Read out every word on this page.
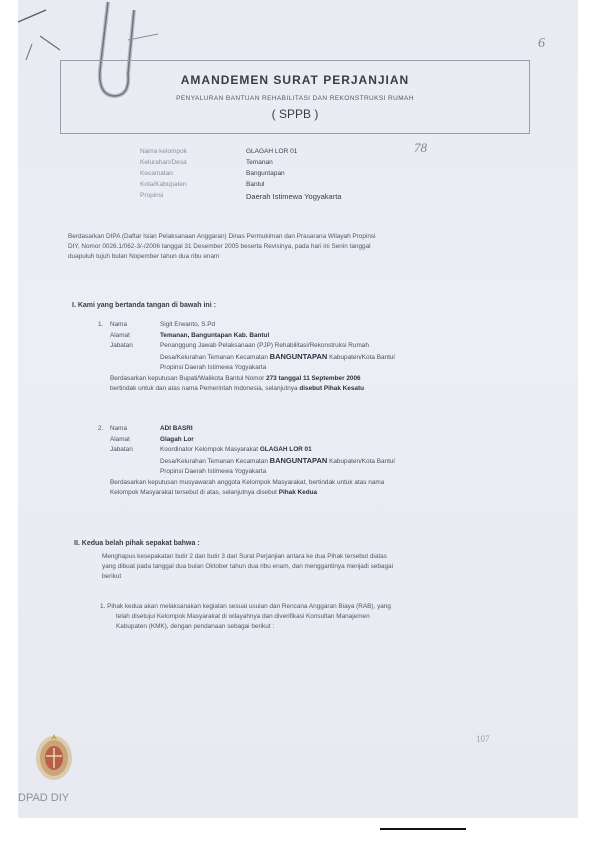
6
AMANDEMEN SURAT PERJANJIAN
PENYALURAN BANTUAN REHABILITASI DAN REKONSTRUKSI RUMAH
( SPPB )
Nama kelompok	GLAGAH LOR 01
Kelurahan/Desa	Temanan
Kecamatan	Banguntapan
Kota/Kabupaten	Bantul
Propinsi	Daerah Istimewa Yogyakarta
78
Berdasarkan DIPA (Daftar Isian Pelaksanaan Anggaran) Dinas Permukiman dan Prasarana Wilayah Propinsi
DIY, Nomor 0026.1/062-3/-/2006 tanggal 31 Desember 2005 beserta Revisinya, pada hari ini Senin tanggal
duapuluh tujuh bulan Nopember tahun dua ribu enam
I. Kami yang bertanda tangan di bawah ini :
1.	Nama	Sigit Erwanto, S.Pd
Alamat	Temanan, Banguntapan Kab. Bantul
Jabatan	Penanggung Jawab Pelaksanaan (PJP) Rehabilitasi/Rekonstruksi Rumah
Desa/Kelurahan Temanan Kecamatan BANGUNTAPAN Kabupaten/Kota Bantul
Propinsi Daerah Istimewa Yogyakarta
Berdasarkan keputusan Bupati/Walikota Bantul Nomor 273 tanggal 11 September 2006
bertindak untuk dan atas nama Pemerintah Indonesia, selanjutnya disebut Pihak Kesatu
2.	Nama	ADI BASRI
Alamat	Glagah Lor
Jabatan	Koordinator Kelompok Masyarakat GLAGAH LOR 01
Desa/Kelurahan Temanan Kecamatan BANGUNTAPAN Kabupaten/Kota Bantul
Propinsi Daerah Istimewa Yogyakarta
Berdasarkan keputusan musyawarah anggota Kelompok Masyarakat, bertindak untuk atas nama
Kelompok Masyarakat tersebut di atas, selanjutnya disebut Pihak Kedua
II. Kedua belah pihak sepakat bahwa :
Menghapus kesepakatan butir 2 dan butir 3 dari Surat Perjanjian antara ke dua Pihak tersebut diatas
yang dibuat pada tanggal dua bulan Oktober tahun dua ribu enam, dan menggantinya menjadi sebagai
berikut
1. Pihak kedua akan melaksanakan kegiatan sesuai usulan dan Rencana Anggaran Biaya (RAB), yang
telah disetujui Kelompok Masyarakat di wilayahnya dan diverifikasi Konsultan Manajemen
Kabupaten (KMK), dengan pendanaan sebagai berikut :
107
DPAD DIY
